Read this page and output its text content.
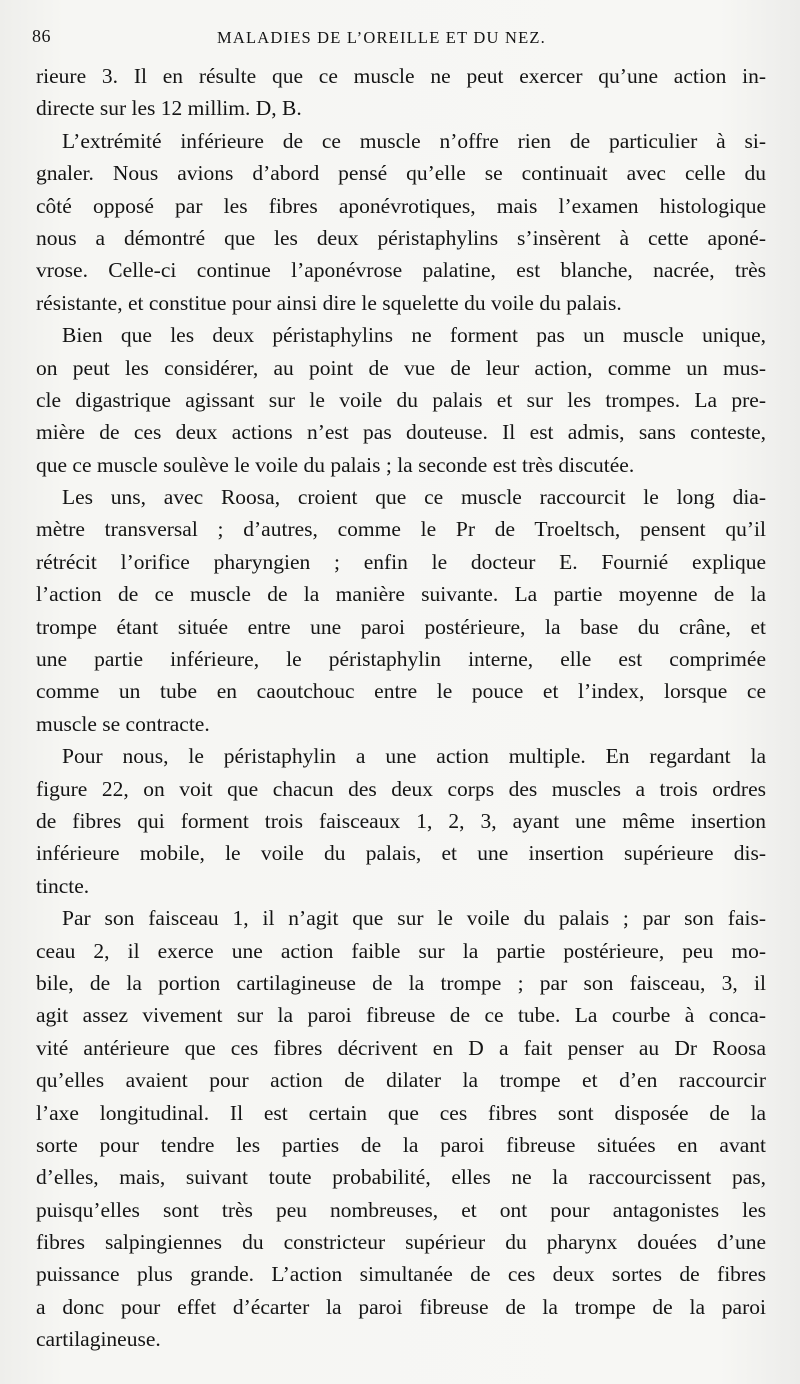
86	MALADIES DE L’OREILLE ET DU NEZ.
rieure 3. Il en résulte que ce muscle ne peut exercer qu’une action in-
directe sur les 12 millim. D, B.
L’extrémité inférieure de ce muscle n’offre rien de particulier à si-
gnaler. Nous avions d’abord pensé qu’elle se continuait avec celle du
côté opposé par les fibres aponévrotiques, mais l’examen histologique
nous a démontré que les deux péristaphylins s’insèrent à cette aponé-
vrose. Celle-ci continue l’aponévrose palatine, est blanche, nacrée, très
résistante, et constitue pour ainsi dire le squelette du voile du palais.
Bien que les deux péristaphylins ne forment pas un muscle unique,
on peut les considérer, au point de vue de leur action, comme un mus-
cle digastrique agissant sur le voile du palais et sur les trompes. La pre-
mière de ces deux actions n’est pas douteuse. Il est admis, sans conteste,
que ce muscle soulève le voile du palais ; la seconde est très discutée.
Les uns, avec Roosa, croient que ce muscle raccourcit le long dia-
mètre transversal ; d’autres, comme le Pr de Troeltsch, pensent qu’il
rétrécit l’orifice pharyngien ; enfin le docteur E. Fournié explique
l’action de ce muscle de la manière suivante. La partie moyenne de la
trompe étant située entre une paroi postérieure, la base du crâne, et
une partie inférieure, le péristaphylin interne, elle est comprimée
comme un tube en caoutchouc entre le pouce et l’index, lorsque ce
muscle se contracte.
Pour nous, le péristaphylin a une action multiple. En regardant la
figure 22, on voit que chacun des deux corps des muscles a trois ordres
de fibres qui forment trois faisceaux 1, 2, 3, ayant une même insertion
inférieure mobile, le voile du palais, et une insertion supérieure dis-
tincte.
Par son faisceau 1, il n’agit que sur le voile du palais ; par son fais-
ceau 2, il exerce une action faible sur la partie postérieure, peu mo-
bile, de la portion cartilagineuse de la trompe ; par son faisceau, 3, il
agit assez vivement sur la paroi fibreuse de ce tube. La courbe à conca-
vité antérieure que ces fibres décrivent en D a fait penser au Dr Roosa
qu’elles avaient pour action de dilater la trompe et d’en raccourcir
l’axe longitudinal. Il est certain que ces fibres sont disposée de la
sorte pour tendre les parties de la paroi fibreuse situées en avant
d’elles, mais, suivant toute probabilité, elles ne la raccourcissent pas,
puisqu’elles sont très peu nombreuses, et ont pour antagonistes les
fibres salpingiennes du constricteur supérieur du pharynx douées d’une
puissance plus grande. L’action simultanée de ces deux sortes de fibres
a donc pour effet d’écarter la paroi fibreuse de la trompe de la paroi
cartilagineuse.
